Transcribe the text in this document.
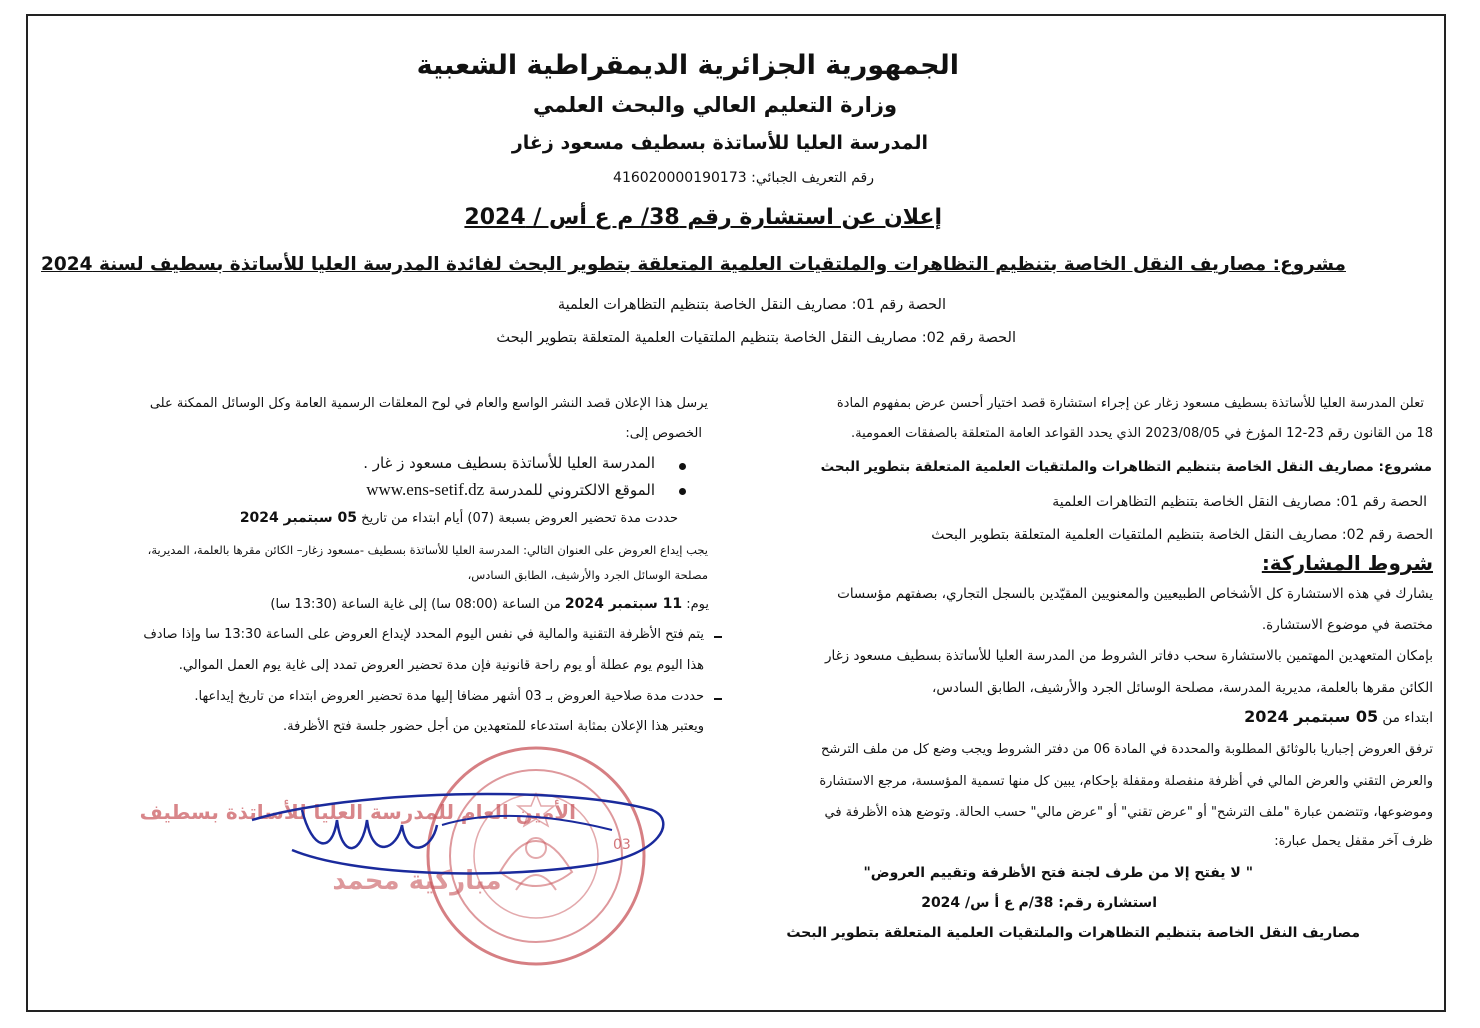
الجمهورية الجزائرية الديمقراطية الشعبية
وزارة التعليم العالي والبحث العلمي
المدرسة العليا للأساتذة بسطيف مسعود زغار
رقم التعريف الجبائي: 416020000190173
إعلان عن استشارة رقم 38/ م ع أس / 2024
مشروع: مصاريف النقل الخاصة بتنظيم التظاهرات والملتقيات العلمية المتعلقة بتطوير البحث لفائدة المدرسة العليا للأساتذة بسطيف لسنة 2024
الحصة رقم 01: مصاريف النقل الخاصة بتنظيم التظاهرات العلمية
الحصة رقم 02: مصاريف النقل الخاصة بتنظيم الملتقيات العلمية المتعلقة بتطوير البحث
تعلن المدرسة العليا للأساتذة بسطيف مسعود زغار عن إجراء استشارة قصد اختيار أحسن عرض بمفهوم المادة
18 من القانون رقم 23-12 المؤرخ في 2023/08/05 الذي يحدد القواعد العامة المتعلقة بالصفقات العمومية.
مشروع: مصاريف النقل الخاصة بتنظيم التظاهرات والملتقيات العلمية المتعلقة بتطوير البحث
الحصة رقم 01: مصاريف النقل الخاصة بتنظيم التظاهرات العلمية
الحصة رقم 02: مصاريف النقل الخاصة بتنظيم الملتقيات العلمية المتعلقة بتطوير البحث
شروط المشاركة:
يشارك في هذه الاستشارة كل الأشخاص الطبيعيين والمعنويين المقيّدين بالسجل التجاري، بصفتهم مؤسسات
مختصة في موضوع الاستشارة.
بإمكان المتعهدين المهتمين بالاستشارة سحب دفاتر الشروط من المدرسة العليا للأساتذة بسطيف مسعود زغار
الكائن مقرها بالعلمة، مديرية المدرسة، مصلحة الوسائل الجرد والأرشيف، الطابق السادس،
ابتداء من 05 سبتمبر 2024
ترفق العروض إجباريا بالوثائق المطلوبة والمحددة في المادة 06 من دفتر الشروط ويجب وضع كل من ملف الترشح
والعرض التقني والعرض المالي في أظرفة منفصلة ومقفلة بإحكام، يبين كل منها تسمية المؤسسة، مرجع الاستشارة
وموضوعها، وتتضمن عبارة "ملف الترشح" أو "عرض تقني" أو "عرض مالي" حسب الحالة. وتوضع هذه الأظرفة في
ظرف آخر مقفل يحمل عبارة:
" لا يفتح إلا من طرف لجنة فتح الأظرفة وتقييم العروض"
استشارة رقم: 38/م ع أ س/ 2024
مصاريف النقل الخاصة بتنظيم التظاهرات والملتقيات العلمية المتعلقة بتطوير البحث
يرسل هذا الإعلان قصد النشر الواسع والعام في لوح المعلقات الرسمية العامة وكل الوسائل الممكنة على
الخصوص إلى:
المدرسة العليا للأساتذة بسطيف مسعود ز غار .
الموقع الالكتروني للمدرسة www.ens-setif.dz
حددت مدة تحضير العروض بسبعة (07) أيام ابتداء من تاريخ 05 سبتمبر 2024
يجب إيداع العروض على العنوان التالي: المدرسة العليا للأساتذة بسطيف -مسعود زغار– الكائن مقرها بالعلمة، المديرية،
مصلحة الوسائل الجرد والأرشيف، الطابق السادس،
يوم: 11 سبتمبر 2024 من الساعة (08:00 سا) إلى غاية الساعة (13:30 سا)
يتم فتح الأظرفة التقنية والمالية في نفس اليوم المحدد لإيداع العروض على الساعة 13:30 سا وإذا صادف
هذا اليوم يوم عطلة أو يوم راحة قانونية فإن مدة تحضير العروض تمدد إلى غاية يوم العمل الموالي.
حددت مدة صلاحية العروض بـ 03 أشهر مضافا إليها مدة تحضير العروض ابتداء من تاريخ إيداعها.
ويعتبر هذا الإعلان بمثابة استدعاء للمتعهدين من أجل حضور جلسة فتح الأظرفة.
03
الأمين العام للمدرسة العليا للأساتذة بسطيف
مباركية محمد
